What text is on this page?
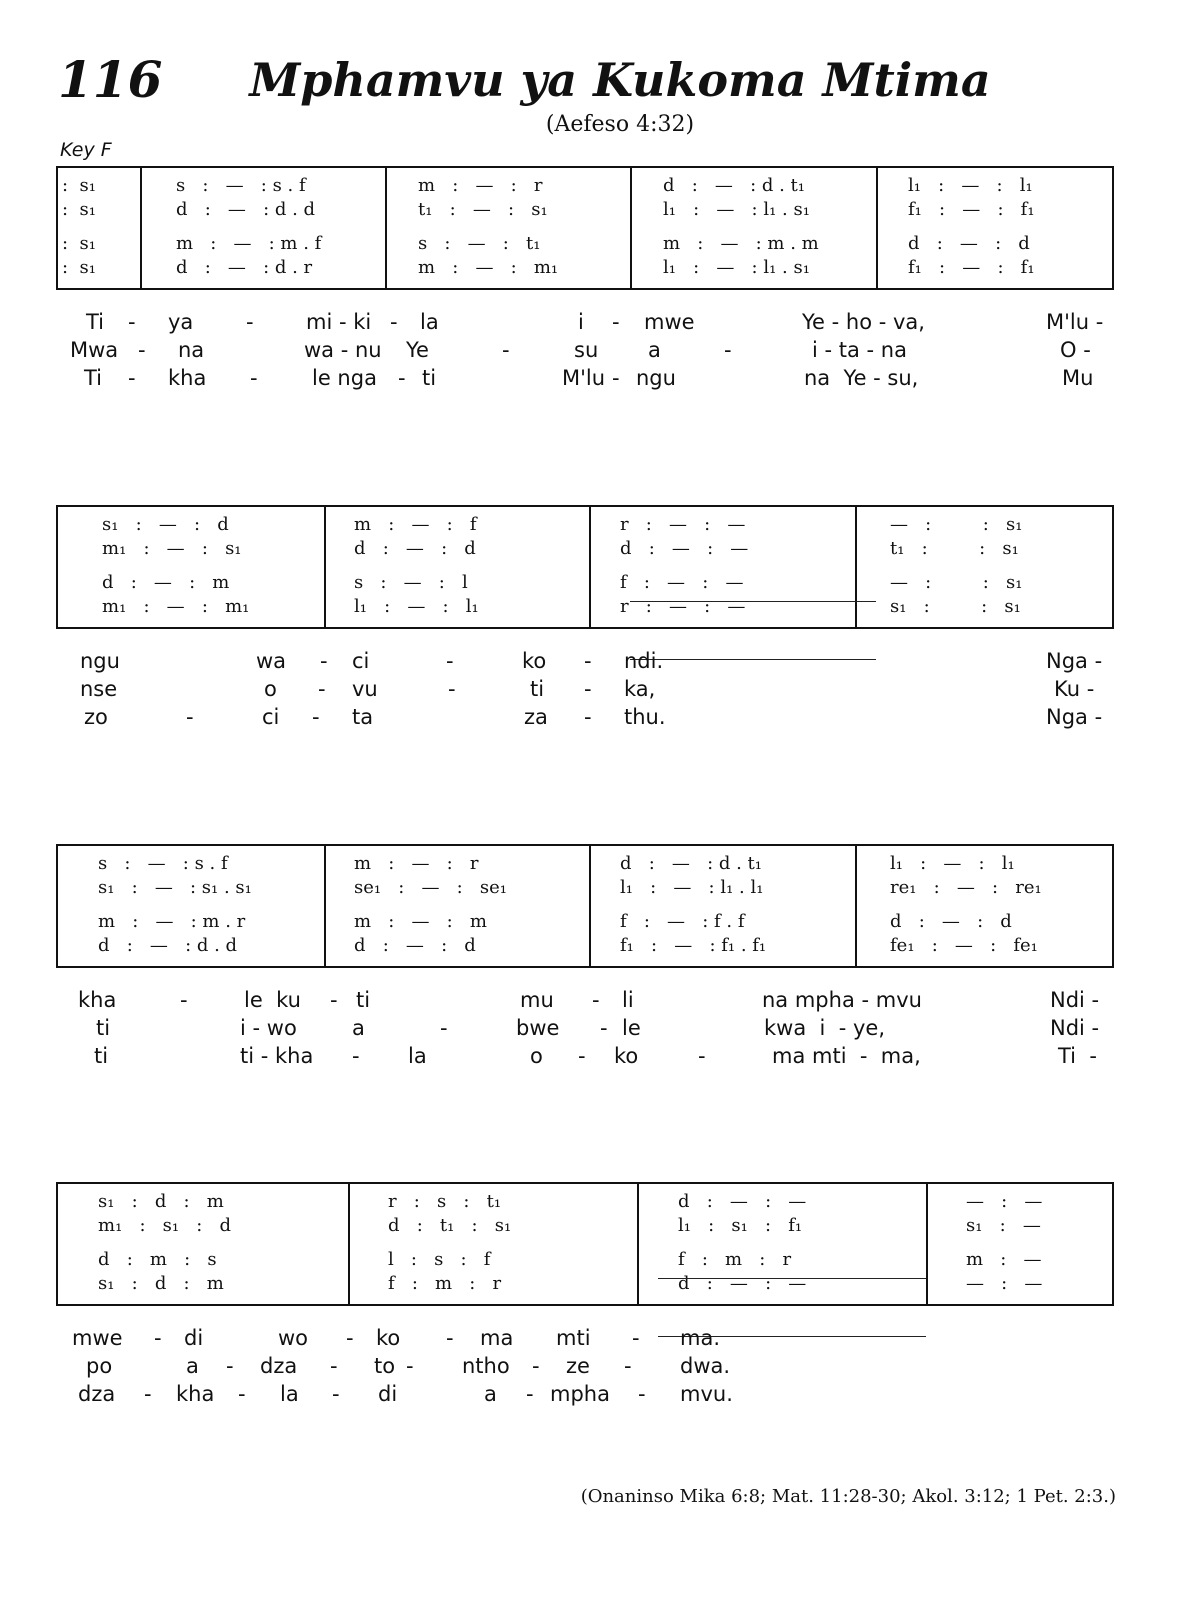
116	Mphamvu ya Kukoma Mtima
(Aefeso 4:32)
Key F
:  s₁	s   :   —   : s . f	m   :   —   :   r	d   :   —   : d . t₁	l₁   :   —   :   l₁
:  s₁	d   :   —   : d . d	t₁   :   —   :   s₁	l₁   :   —   : l₁ . s₁	f₁   :   —   :   f₁
:  s₁	m   :   —   : m . f	s   :   —   :   t₁	m   :   —   : m . m	d   :   —   :   d
:  s₁	d   :   —   : d . r	m   :   —   :   m₁	l₁   :   —   : l₁ . s₁	f₁   :   —   :   f₁
Ti - ya	- mi - ki - la	i - mwe	Ye - ho - va,	M'lu -
Mwa - na	wa - nu Ye	-	su a	-	i - ta - na	O -
Ti - kha -	le nga - ti	M'lu - ngu	na  Ye - su,	Mu
s₁   :   —   :   d	m   :   —   :   f	r   :   —   :   —	—   :         :   s₁
m₁   :   —   :   s₁	d   :   —   :   d	d   :   —   :   —	t₁   :         :   s₁
d   :   —   :   m	s   :   —   :   l	f   :   —   :   —	—   :         :   s₁
m₁   :   —   :   m₁	l₁   :   —   :   l₁	r   :   —   :   —	s₁   :         :   s₁
ngu	wa - ci	-	ko - ndi.	Nga -
nse	o - vu	-	ti - ka,	Ku -
zo	-	ci - ta	za - thu.	Nga -
s   :   —   : s . f	m   :   —   :   r	d   :   —   : d . t₁	l₁   :   —   :   l₁
s₁   :   —   : s₁ . s₁	se₁   :   —   :   se₁	l₁   :   —   : l₁ . l₁	re₁   :   —   :   re₁
m   :   —   : m . r	m   :   —   :   m	f   :   —   : f . f	d   :   —   :   d
d   :   —   : d . d	d   :   —   :   d	f₁   :   —   : f₁ . f₁	fe₁   :   —   :   fe₁
kha	-	le  ku - ti	mu - li	na mpha - mvu	Ndi -
ti	i - wo	a	-	bwe - le	kwa  i  - ye,	Ndi -
ti	ti - kha - la	o - ko	-	ma mti  -  ma,	Ti  -
s₁   :   d   :   m	r   :   s   :   t₁	d   :   —   :   —	—   :   —
m₁   :   s₁   :   d	d   :   t₁   :   s₁	l₁   :   s₁   :   f₁	s₁   :   —
d   :   m   :   s	l   :   s   :   f	f   :   m   :   r	m   :   —
s₁   :   d   :   m	f   :   m   :   r	d   :   —   :   —	—   :   —
mwe - di	wo - ko - ma mti - ma.
po	a - dza - to - ntho - ze - dwa.
dza - kha - la - di	a - mpha - mvu.
(Onaninso Mika 6:8; Mat. 11:28-30; Akol. 3:12; 1 Pet. 2:3.)
